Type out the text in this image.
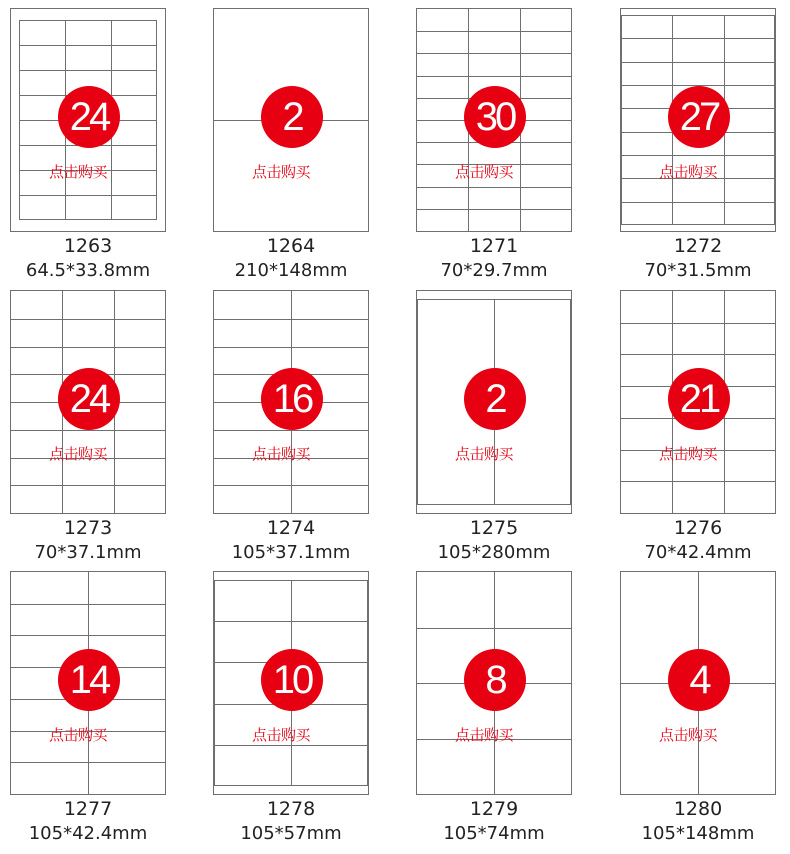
24
点击购买
1263
64.5*33.8mm
2
点击购买
1264
210*148mm
30
点击购买
1271
70*29.7mm
27
点击购买
1272
70*31.5mm
24
点击购买
1273
70*37.1mm
16
点击购买
1274
105*37.1mm
2
点击购买
1275
105*280mm
21
点击购买
1276
70*42.4mm
14
点击购买
1277
105*42.4mm
10
点击购买
1278
105*57mm
8
点击购买
1279
105*74mm
4
点击购买
1280
105*148mm
